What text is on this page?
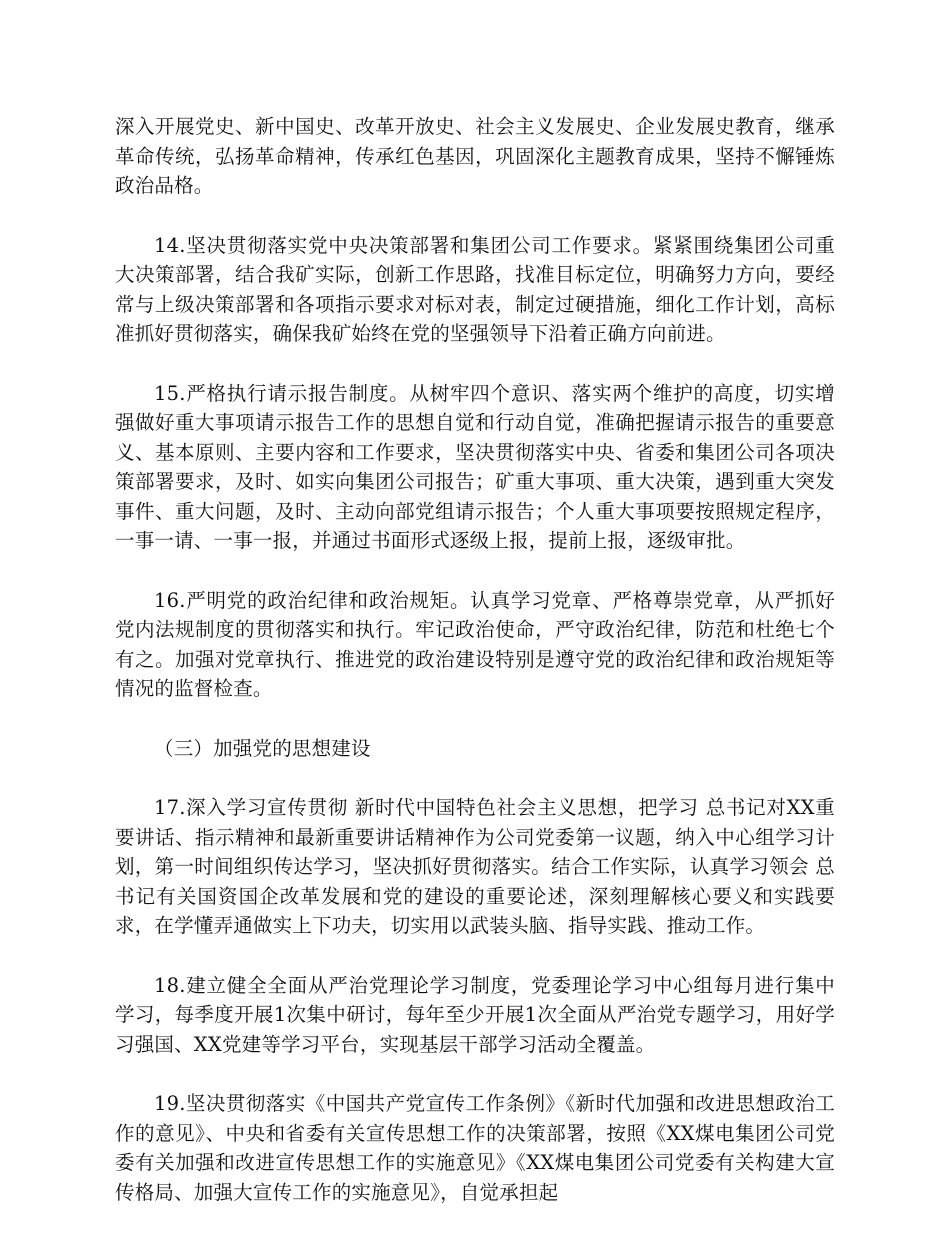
深入开展党史、新中国史、改革开放史、社会主义发展史、企业发展史教育，继承革命传统，弘扬革命精神，传承红色基因，巩固深化主题教育成果，坚持不懈锤炼政治品格。

14.坚决贯彻落实党中央决策部署和集团公司工作要求。紧紧围绕集团公司重大决策部署，结合我矿实际，创新工作思路，找准目标定位，明确努力方向，要经常与上级决策部署和各项指示要求对标对表，制定过硬措施，细化工作计划，高标准抓好贯彻落实，确保我矿始终在党的坚强领导下沿着正确方向前进。

15.严格执行请示报告制度。从树牢四个意识、落实两个维护的高度，切实增强做好重大事项请示报告工作的思想自觉和行动自觉，准确把握请示报告的重要意义、基本原则、主要内容和工作要求，坚决贯彻落实中央、省委和集团公司各项决策部署要求，及时、如实向集团公司报告；矿重大事项、重大决策，遇到重大突发事件、重大问题，及时、主动向部党组请示报告；个人重大事项要按照规定程序，一事一请、一事一报，并通过书面形式逐级上报，提前上报，逐级审批。

16.严明党的政治纪律和政治规矩。认真学习党章、严格尊崇党章，从严抓好党内法规制度的贯彻落实和执行。牢记政治使命，严守政治纪律，防范和杜绝七个有之。加强对党章执行、推进党的政治建设特别是遵守党的政治纪律和政治规矩等情况的监督检查。

（三）加强党的思想建设

17.深入学习宣传贯彻 新时代中国特色社会主义思想，把学习 总书记对XX重要讲话、指示精神和最新重要讲话精神作为公司党委第一议题，纳入中心组学习计划，第一时间组织传达学习，坚决抓好贯彻落实。结合工作实际，认真学习领会 总书记有关国资国企改革发展和党的建设的重要论述，深刻理解核心要义和实践要求，在学懂弄通做实上下功夫，切实用以武装头脑、指导实践、推动工作。

18.建立健全全面从严治党理论学习制度，党委理论学习中心组每月进行集中学习，每季度开展1次集中研讨，每年至少开展1次全面从严治党专题学习，用好学习强国、XX党建等学习平台，实现基层干部学习活动全覆盖。

19.坚决贯彻落实《中国共产党宣传工作条例》《新时代加强和改进思想政治工作的意见》、中央和省委有关宣传思想工作的决策部署，按照《XX煤电集团公司党委有关加强和改进宣传思想工作的实施意见》《XX煤电集团公司党委有关构建大宣传格局、加强大宣传工作的实施意见》，自觉承担起
